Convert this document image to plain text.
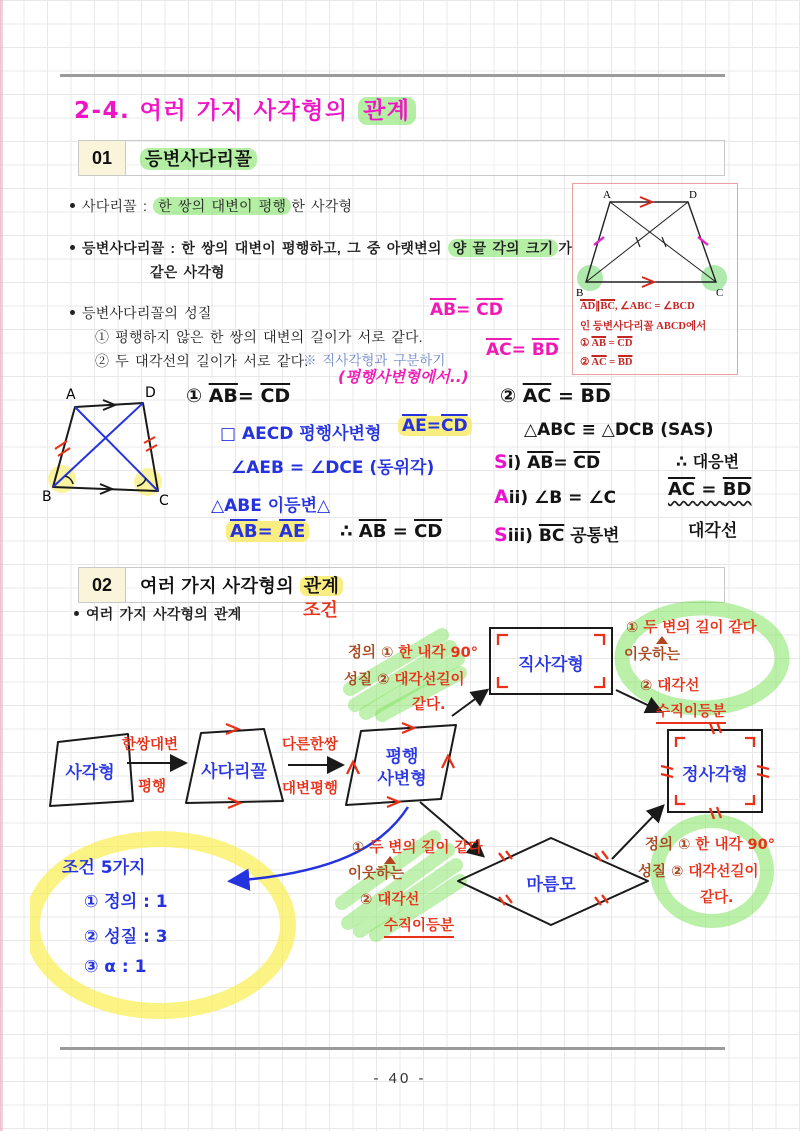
2-4. 여러 가지 사각형의 관계
01	등변사다리꼴
사다리꼴 : 한 쌍의 대변이 평행 한 사각형
등변사다리꼴 : 한 쌍의 대변이 평행하고, 그 중 아랫변의 양 끝 각의 크기 가
같은 사각형
등변사다리꼴의 성질
① 평행하지 않은 한 쌍의 대변의 길이가 서로 같다.
② 두 대각선의 길이가 서로 같다.
※ 직사각형과 구분하기
$\overline{AB}= \overline{CD}$
$\overline{AC}= \overline{BD}$
(평행사변형에서..)
A	D
B	C
$\overline{AD}\parallel\overline{BC}$, ∠ABC = ∠BCD
인 등변사다리꼴 ABCD에서
① $\overline{AB} = \overline{CD}$
② $\overline{AC} = \overline{BD}$
A	D
B	C
① $\overline{AB}= \overline{CD}$
□ AECD 평행사변형 $\overline{AE}=\overline{CD}$
∠AEB = ∠DCE (동위각)
△ABE 이등변△
$\overline{AB}= \overline{AE}$ ∴ $\overline{AB} = \overline{CD}$
② $\overline{AC} = \overline{BD}$
△ABC ≡ △DCB (SAS)
Si) $\overline{AB}= \overline{CD}$	∴ 대응변
Aii) ∠B = ∠C	AC = BD
Siii) $\overline{BC}$ 공통변	대각선
02	여러 가지 사각형의 관계
여러 가지 사각형의 관계	조건
사각형	사다리꼴
평행
사변형
직사각형
마름모
정사각형
한쌍대변
평행
다른한쌍
대변평행
정의 ① 한 내각 90°
성질 ② 대각선길이
같다.
① 두 변의 길이 같다
이웃하는
② 대각선
수직이등분
① 두 변의 길이 같다
이웃하는
② 대각선
수직이등분
정의 ① 한 내각 90°
성질 ② 대각선길이
같다.
조건 5가지
① 정의 : 1
② 성질 : 3
③ α : 1
- 40 -
